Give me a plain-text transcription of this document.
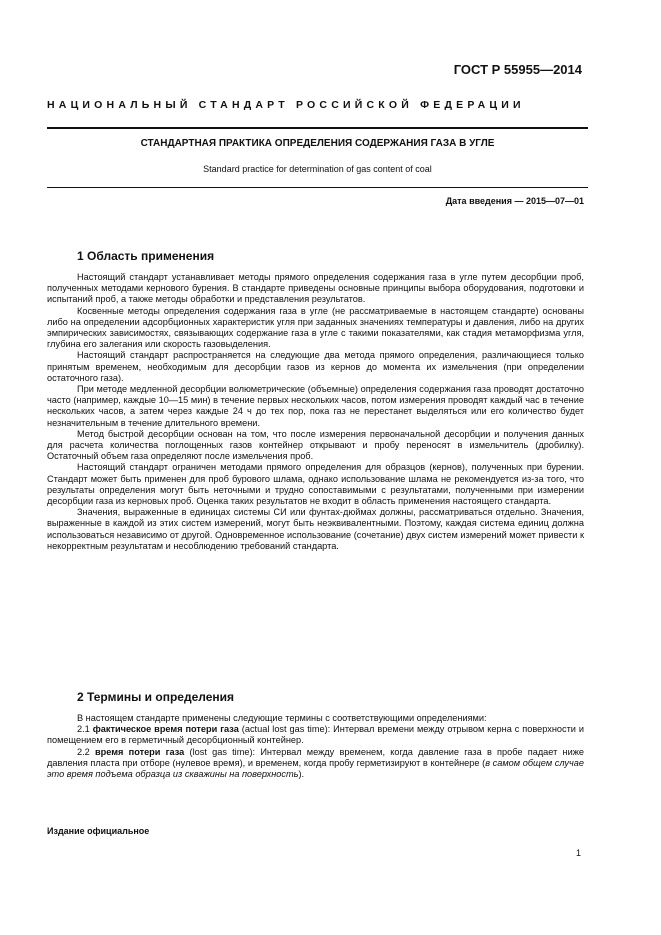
ГОСТ Р 55955—2014
НАЦИОНАЛЬНЫЙ СТАНДАРТ РОССИЙСКОЙ ФЕДЕРАЦИИ
СТАНДАРТНАЯ ПРАКТИКА ОПРЕДЕЛЕНИЯ СОДЕРЖАНИЯ ГАЗА В УГЛЕ
Standard practice for determination of gas content of coal
Дата введения — 2015—07—01
1 Область применения

Настоящий стандарт устанавливает методы прямого определения содержания газа в угле путем десорбции проб, полученных методами кернового бурения. В стандарте приведены основные принципы выбора оборудования, подготовки и испытаний проб, а также методы обработки и представления результатов.

Косвенные методы определения содержания газа в угле (не рассматриваемые в настоящем стандарте) основаны либо на определении адсорбционных характеристик угля при заданных значениях температуры и давления, либо на других эмпирических зависимостях, связывающих содержание газа в угле с такими показателями, как стадия метаморфизма угля, глубина его залегания или скорость газовыделения.

Настоящий стандарт распространяется на следующие два метода прямого определения, различающиеся только принятым временем, необходимым для десорбции газов из кернов до момента их измельчения (при определении остаточного газа).

При методе медленной десорбции волюметрические (объемные) определения содержания газа проводят достаточно часто (например, каждые 10—15 мин) в течение первых нескольких часов, потом измерения проводят каждый час в течение нескольких часов, а затем через каждые 24 ч до тех пор, пока газ не перестанет выделяться или его количество будет незначительным в течение длительного времени.

Метод быстрой десорбции основан на том, что после измерения первоначальной десорбции и получения данных для расчета количества поглощенных газов контейнер открывают и пробу переносят в измельчитель (дробилку). Остаточный объем газа определяют после измельчения проб.

Настоящий стандарт ограничен методами прямого определения для образцов (кернов), полученных при бурении. Стандарт может быть применен для проб бурового шлама, однако использование шлама не рекомендуется из-за того, что результаты определения могут быть неточными и трудно сопоставимыми с результатами, полученными при измерении десорбции газа из керновых проб. Оценка таких результатов не входит в область применения настоящего стандарта.

Значения, выраженные в единицах системы СИ или фунтах-дюймах должны, рассматриваться отдельно. Значения, выраженные в каждой из этих систем измерений, могут быть неэквивалентными. Поэтому, каждая система единиц должна использоваться независимо от другой. Одновременное использование (сочетание) двух систем измерений может привести к некорректным результатам и несоблюдению требований стандарта.

2 Термины и определения

В настоящем стандарте применены следующие термины с соответствующими определениями:

2.1 фактическое время потери газа (actual lost gas time): Интервал времени между отрывом керна с поверхности и помещением его в герметичный десорбционный контейнер.

2.2 время потери газа (lost gas time): Интервал между временем, когда давление газа в пробе падает ниже давления пласта при отборе (нулевое время), и временем, когда пробу герметизируют в контейнере (в самом общем случае это время подъема образца из скважины на поверхность).

Издание официальное
1
